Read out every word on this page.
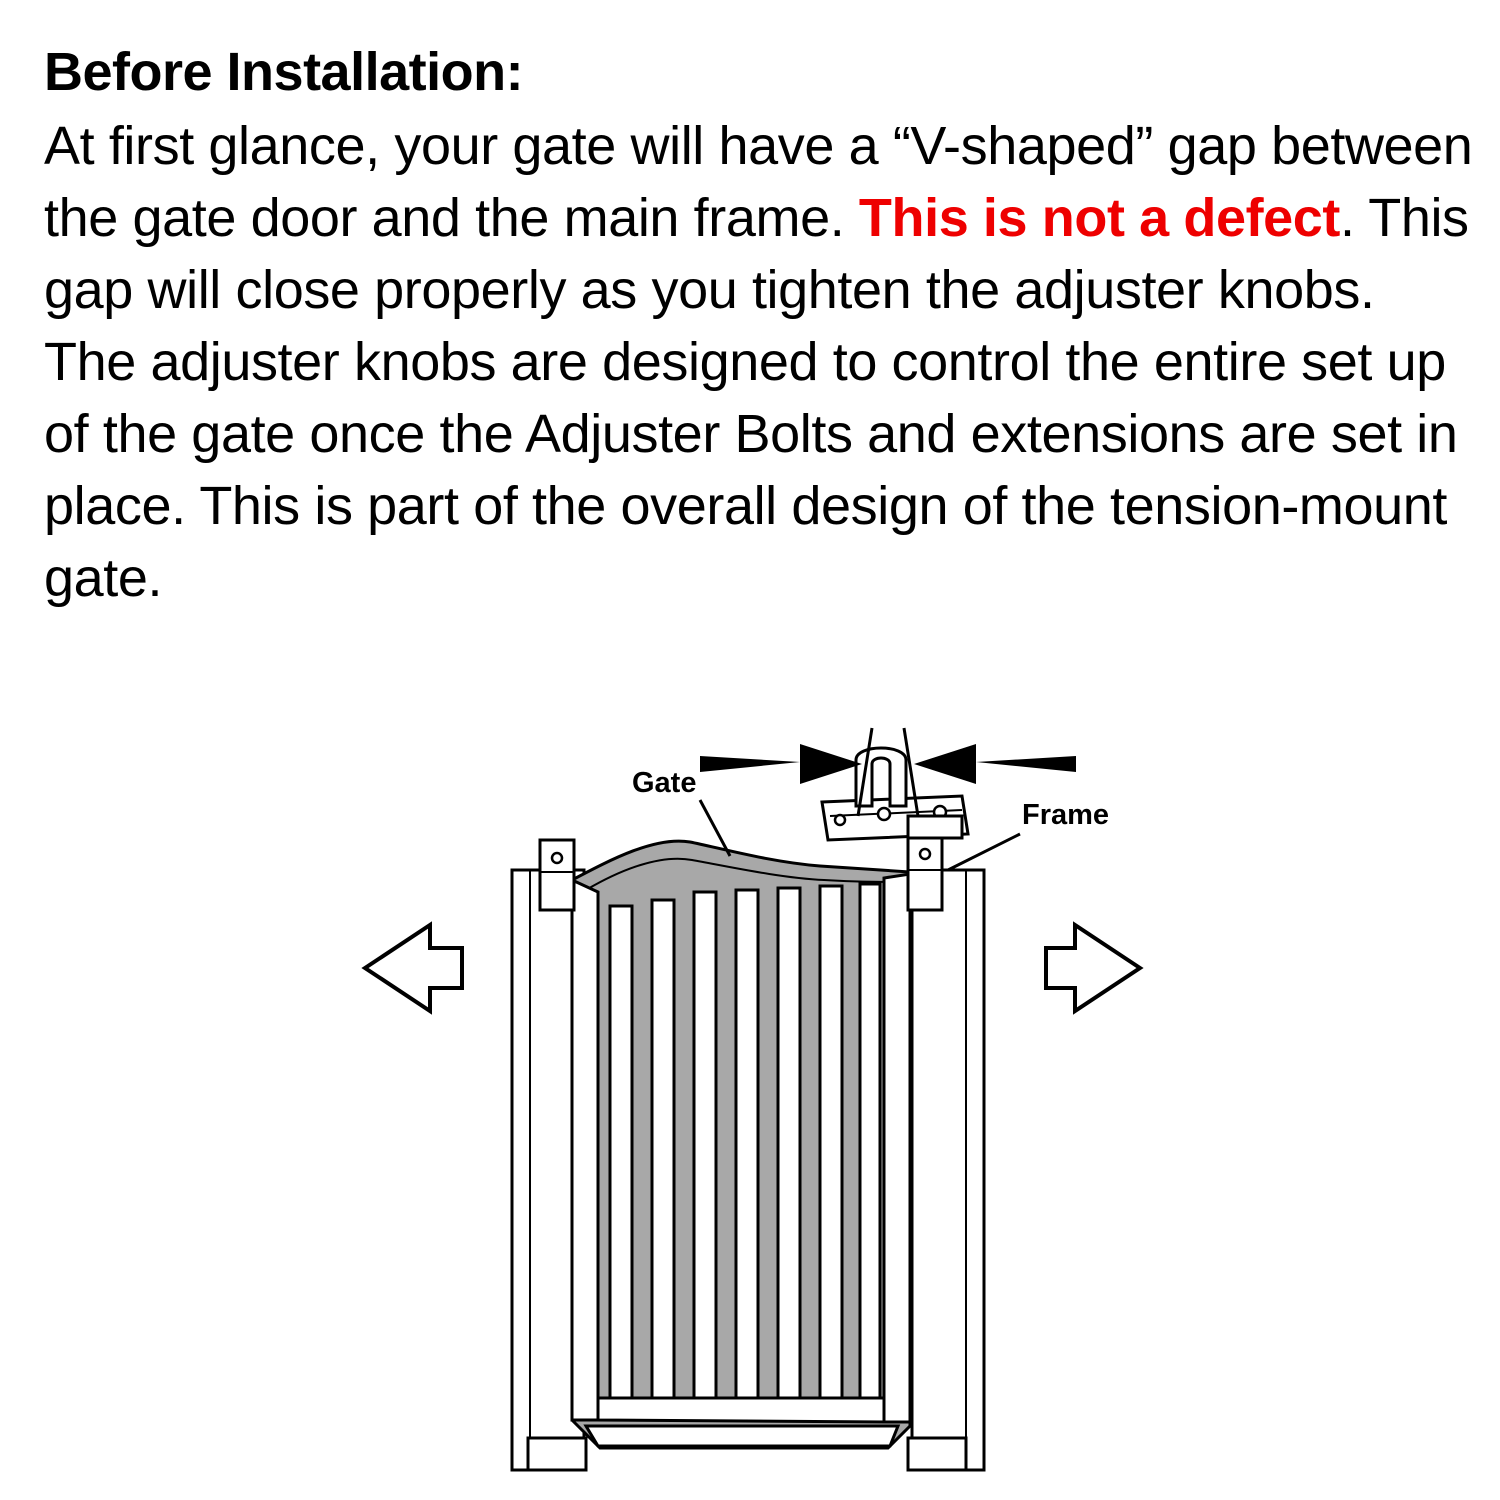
Before Installation:

At first glance, your gate will have a “V-shaped” gap between the gate door and the main frame. This is not a defect. This gap will close properly as you tighten the adjuster knobs. The adjuster knobs are designed to control the entire set up of the gate once the Adjuster Bolts and extensions are set in place. This is part of the overall design of the tension-mount gate.

Gate
Frame
